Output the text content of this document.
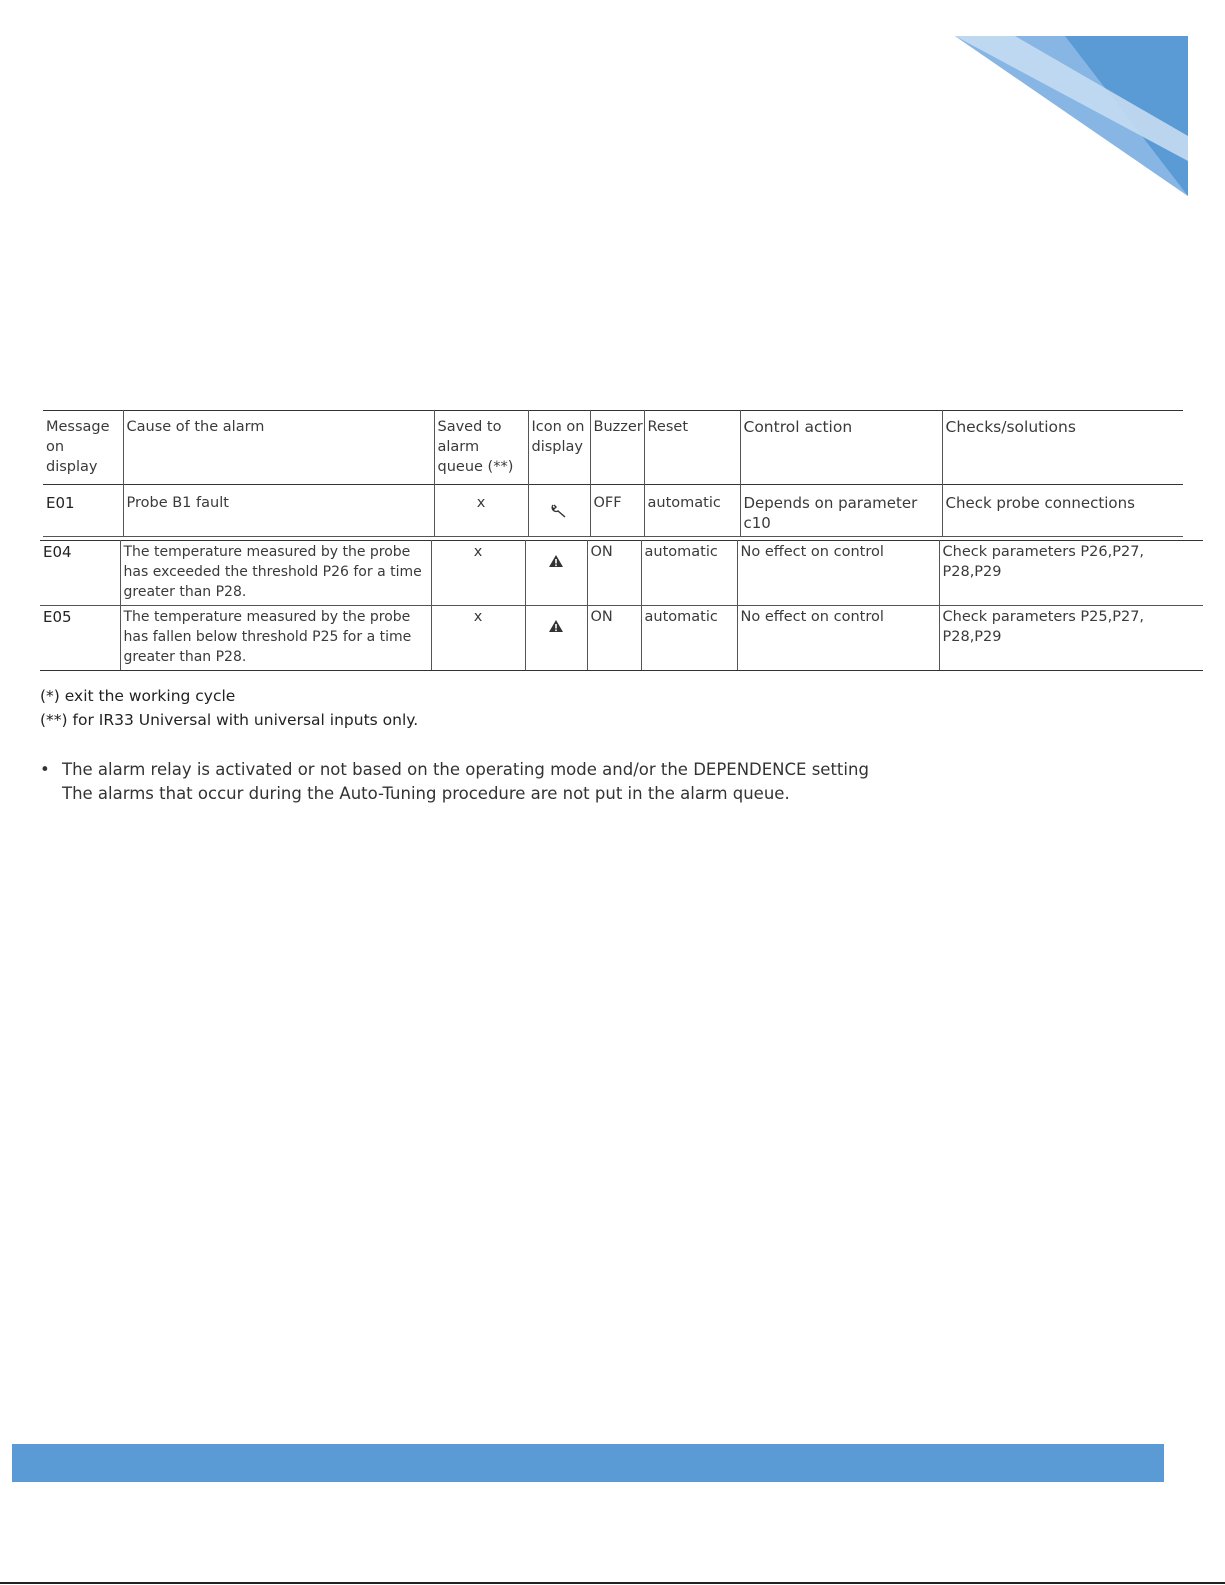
Message on display	Cause of the alarm	Saved to alarm queue (**)	Icon on display	Buzzer	Reset	Control action	Checks/solutions
E01	Probe B1 fault	x		OFF	automatic	Depends on parameter c10	Check probe connections
E04	The temperature measured by the probe has exceeded the threshold P26 for a time greater than P28.	x		ON	automatic	No effect on control	Check parameters P26,P27, P28,P29
E05	The temperature measured by the probe has fallen below threshold P25 for a time greater than P28.	x		ON	automatic	No effect on control	Check parameters P25,P27, P28,P29
(*) exit the working cycle
(**) for IR33 Universal with universal inputs only.
• The alarm relay is activated or not based on the operating mode and/or the DEPENDENCE setting
The alarms that occur during the Auto-Tuning procedure are not put in the alarm queue.
